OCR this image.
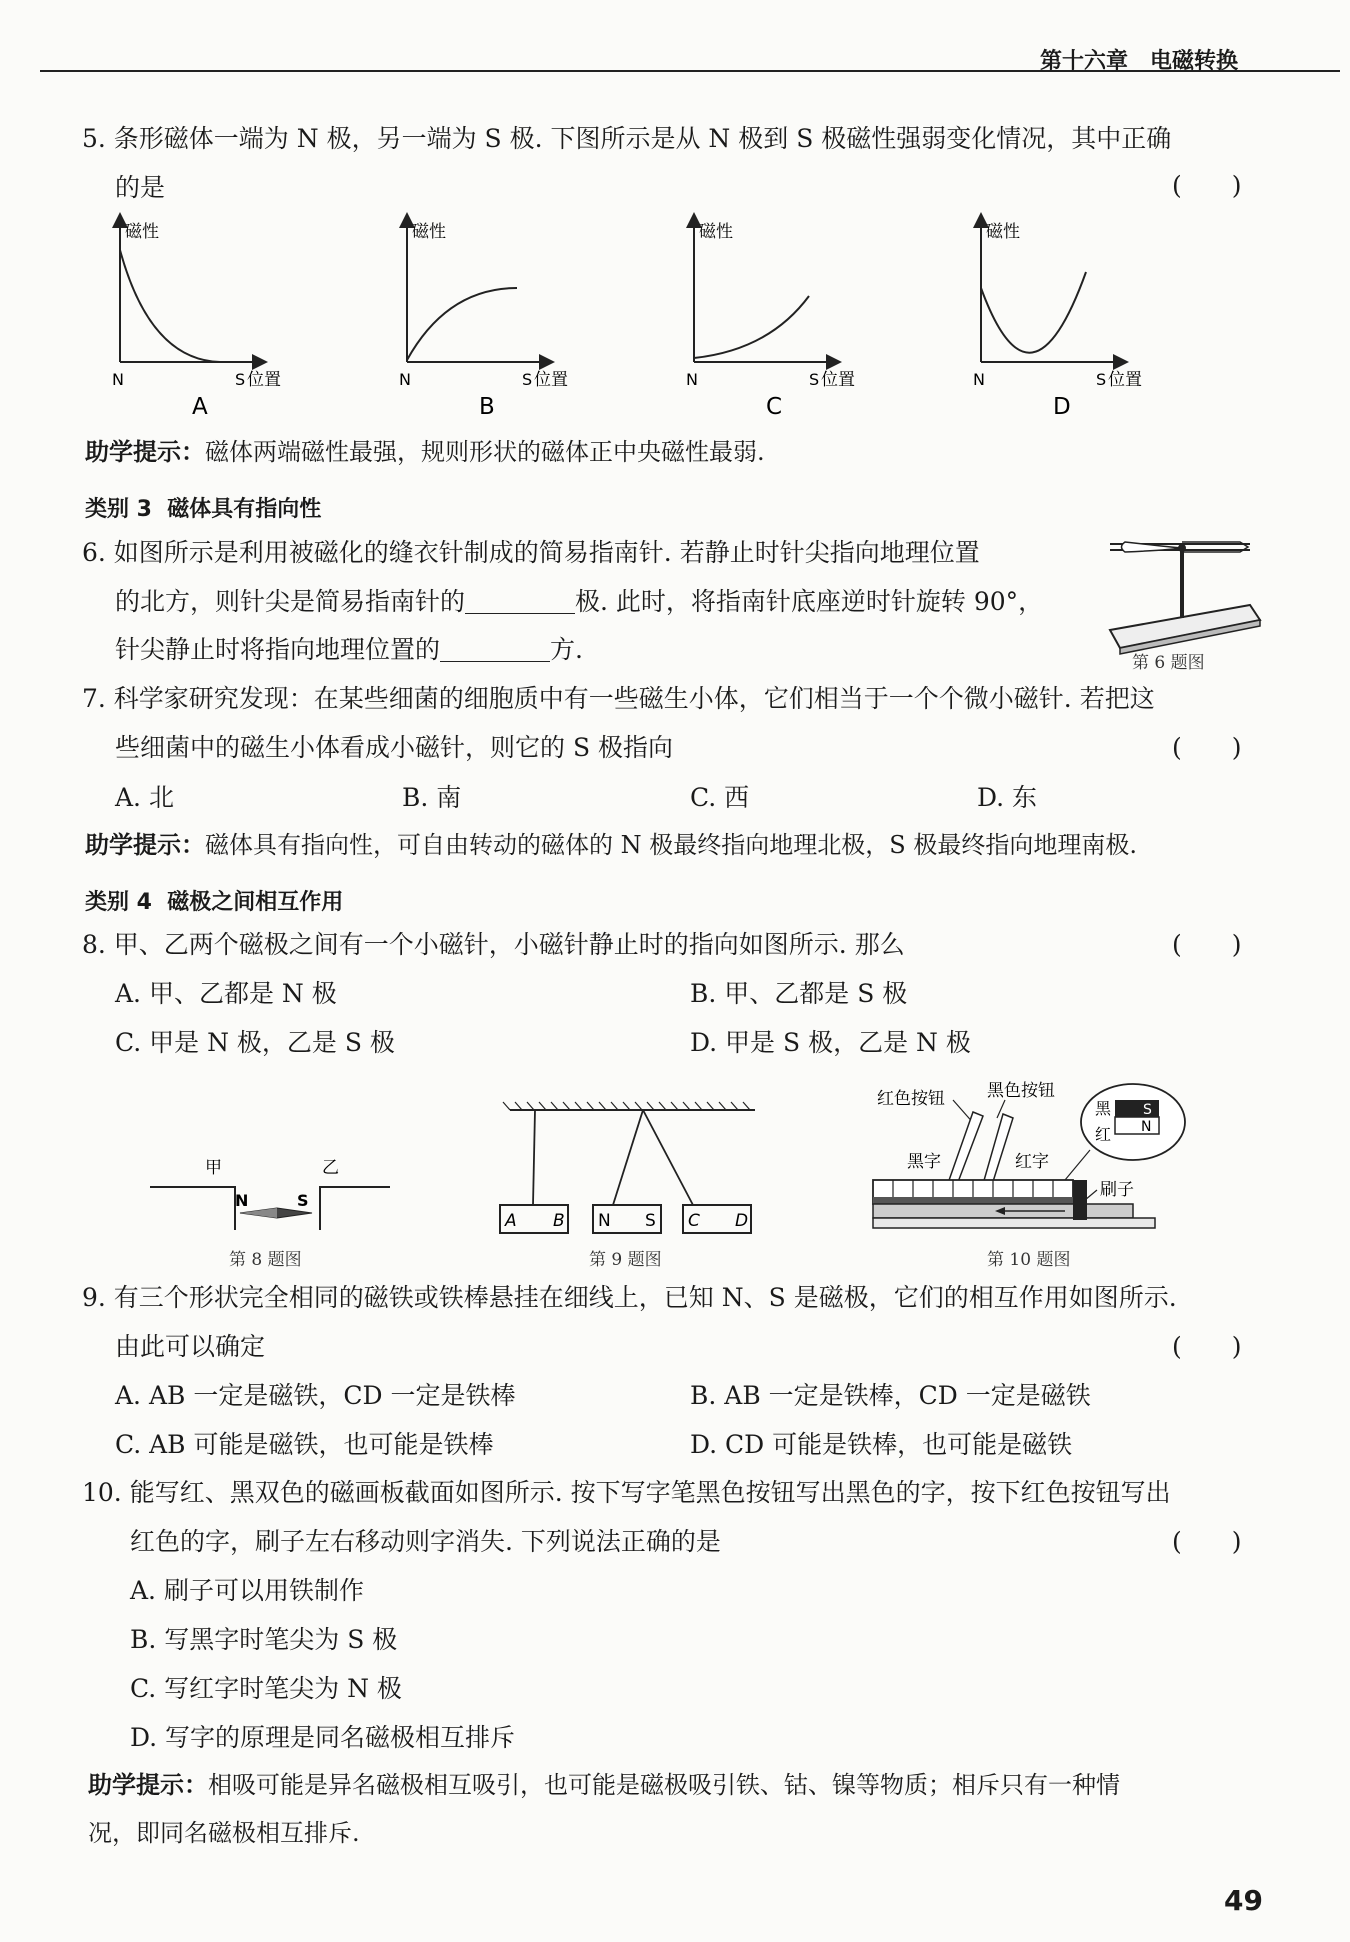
第十六章　电磁转换
5. 条形磁体一端为 N 极，另一端为 S 极. 下图所示是从 N 极到 S 极磁性强弱变化情况，其中正确
的是	(　　)
磁性
N	S 位置
A
磁性
N	S 位置
B
磁性
N	S 位置
C
磁性
N	S 位置
D
助学提示：磁体两端磁性最强，规则形状的磁体正中央磁性最弱.
类别 3 磁体具有指向性
6. 如图所示是利用被磁化的缝衣针制成的简易指南针. 若静止时针尖指向地理位置
的北方，则针尖是简易指南针的	极. 此时，将指南针底座逆时针旋转 90°，
针尖静止时将指向地理位置的	方.	第 6 题图
7. 科学家研究发现：在某些细菌的细胞质中有一些磁生小体，它们相当于一个个微小磁针. 若把这
些细菌中的磁生小体看成小磁针，则它的 S 极指向	(　　)
A. 北	B. 南	C. 西	D. 东
助学提示：磁体具有指向性，可自由转动的磁体的 N 极最终指向地理北极，S 极最终指向地理南极.
类别 4 磁极之间相互作用
8. 甲、乙两个磁极之间有一个小磁针，小磁针静止时的指向如图所示. 那么	(　　)
A. 甲、乙都是 N 极	B. 甲、乙都是 S 极
C. 甲是 N 极，乙是 S 极	D. 甲是 S 极，乙是 N 极
甲	乙
N	S
第 8 题图
A B N S C D
第 9 题图
红色按钮 黑色按钮
黑字	红字
黑
红
S
N
刷子
第 10 题图
9. 有三个形状完全相同的磁铁或铁棒悬挂在细线上，已知 N、S 是磁极，它们的相互作用如图所示.
由此可以确定	(　　)
A. AB 一定是磁铁，CD 一定是铁棒	B. AB 一定是铁棒，CD 一定是磁铁
C. AB 可能是磁铁，也可能是铁棒	D. CD 可能是铁棒，也可能是磁铁
10. 能写红、黑双色的磁画板截面如图所示. 按下写字笔黑色按钮写出黑色的字，按下红色按钮写出
红色的字，刷子左右移动则字消失. 下列说法正确的是	(　　)
A. 刷子可以用铁制作
B. 写黑字时笔尖为 S 极
C. 写红字时笔尖为 N 极
D. 写字的原理是同名磁极相互排斥
助学提示：相吸可能是异名磁极相互吸引，也可能是磁极吸引铁、钴、镍等物质；相斥只有一种情
况，即同名磁极相互排斥.
49
